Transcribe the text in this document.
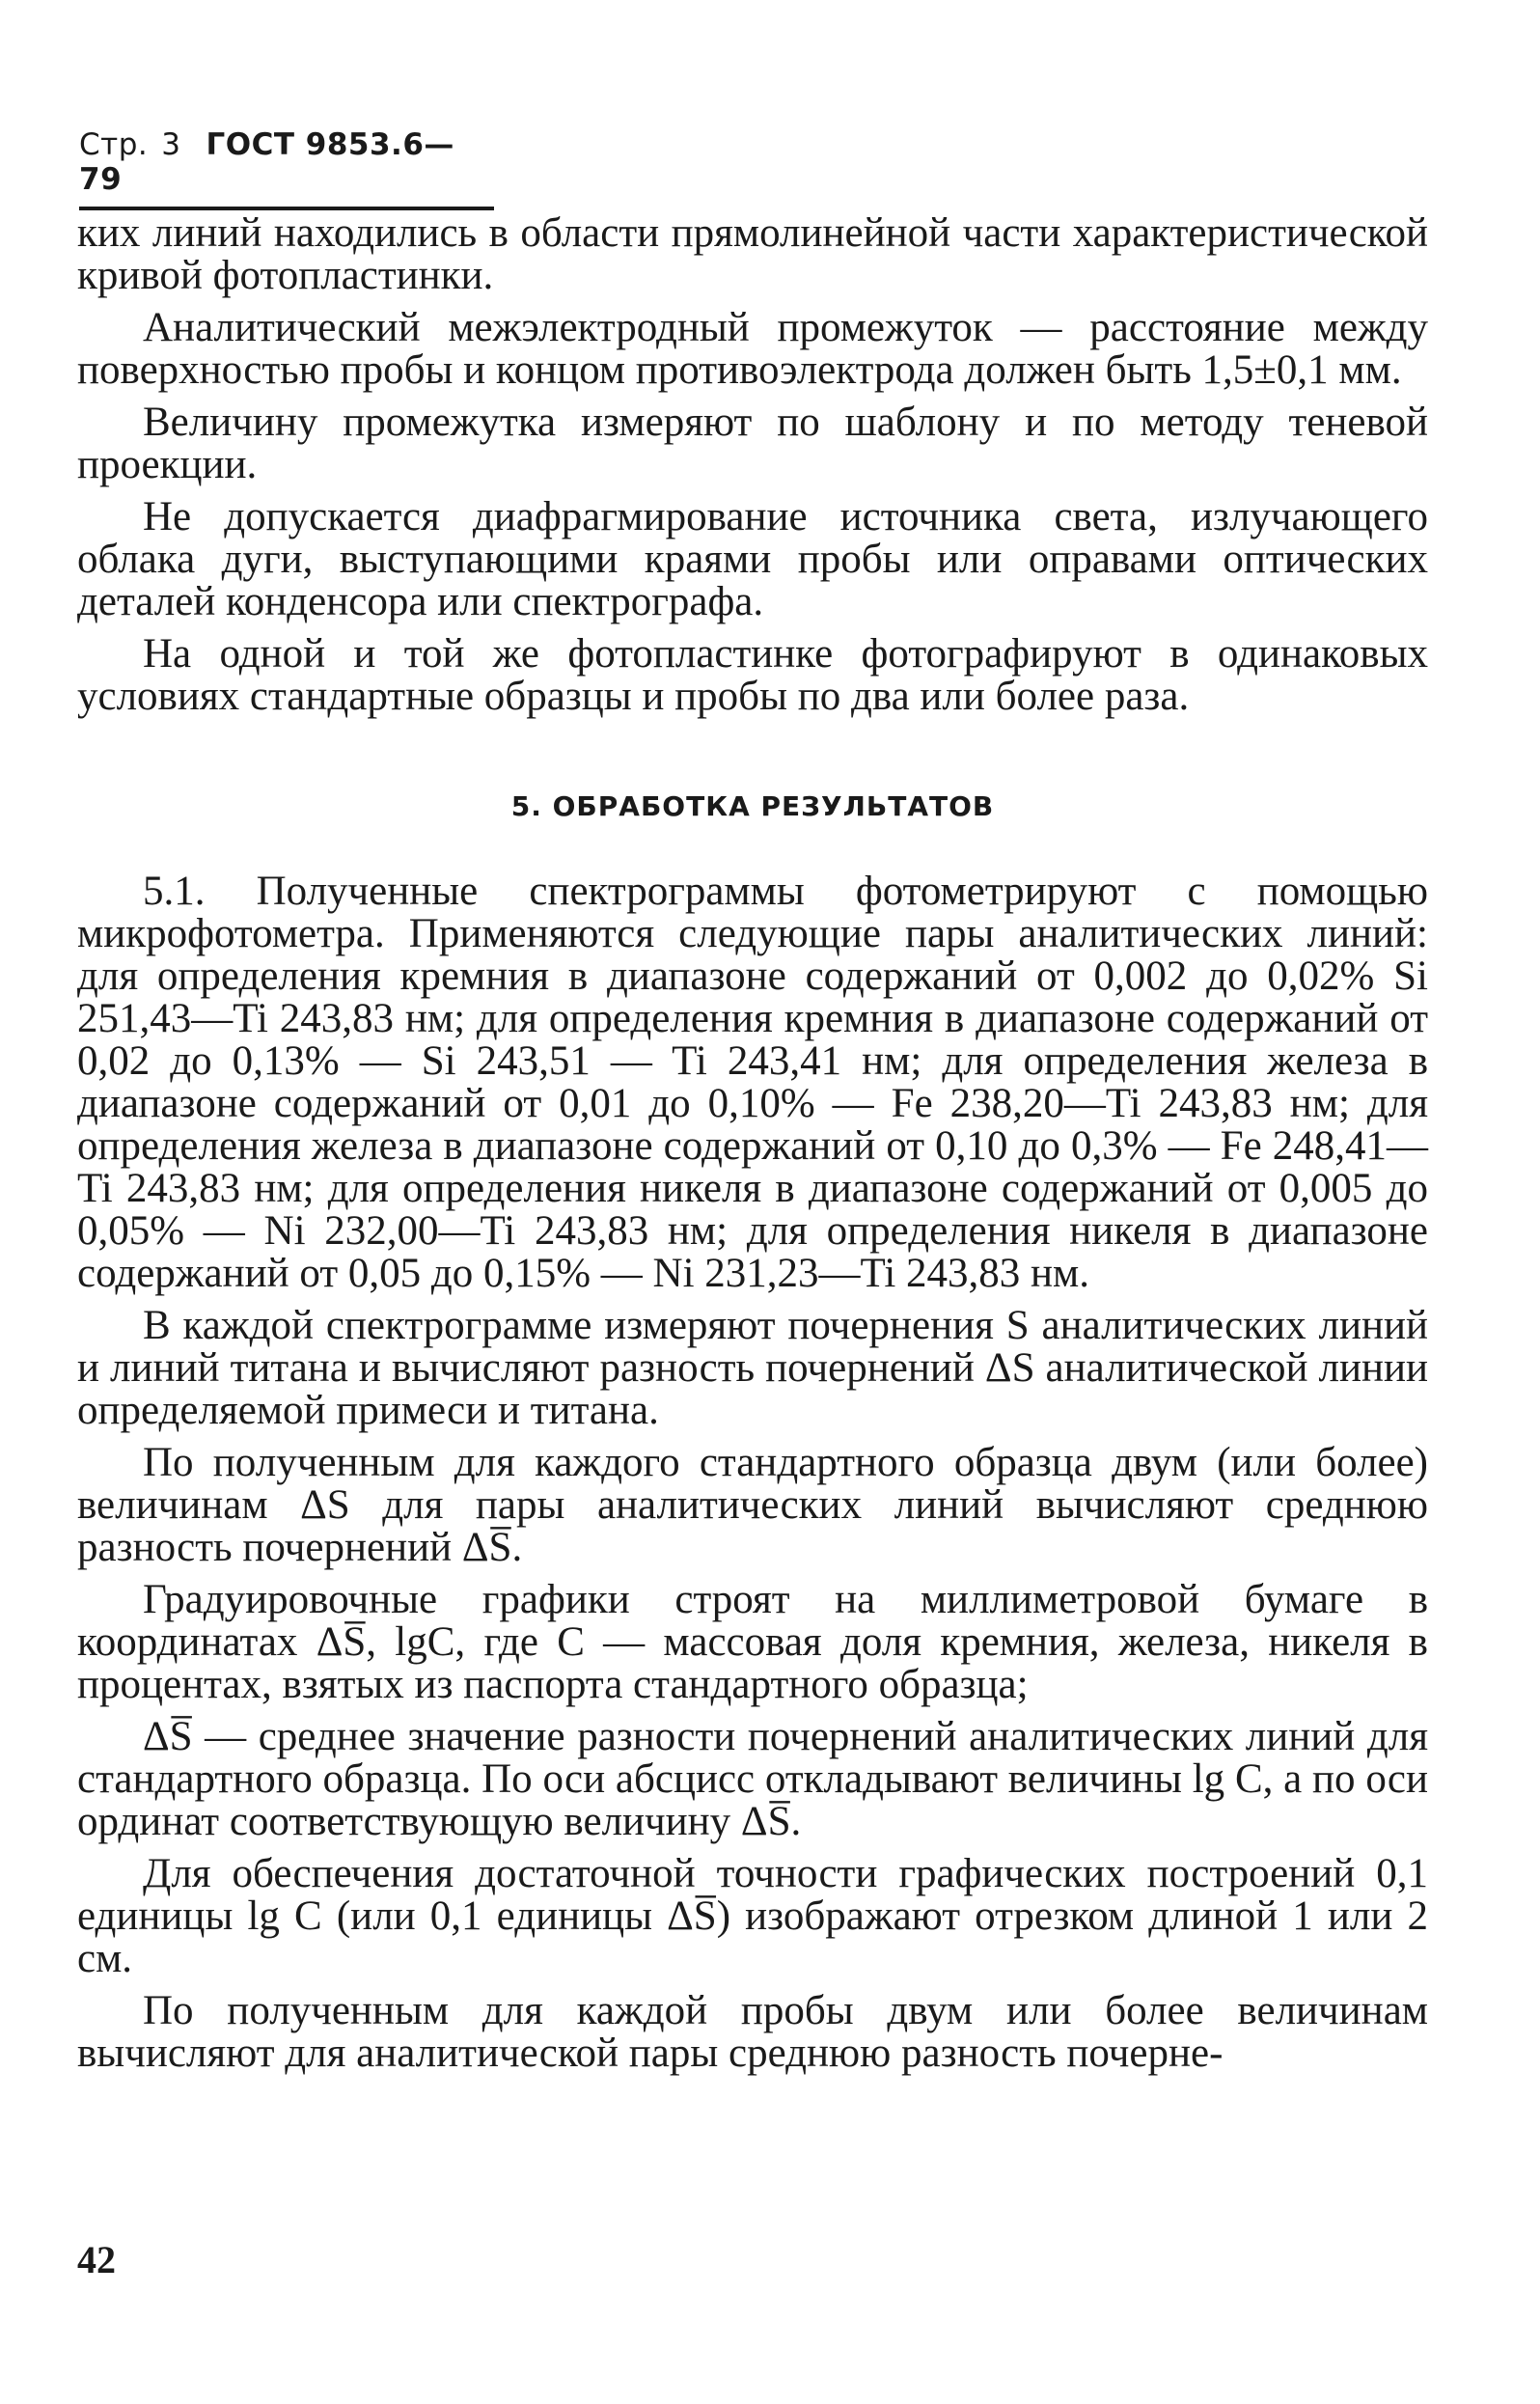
Стр. 3 ГОСТ 9853.6—79

ких линий находились в области прямолинейной части характеристической кривой фотопластинки.

Аналитический межэлектродный промежуток — расстояние между поверхностью пробы и концом противоэлектрода должен быть 1,5±0,1 мм.

Величину промежутка измеряют по шаблону и по методу теневой проекции.

Не допускается диафрагмирование источника света, излучающего облака дуги, выступающими краями пробы или оправами оптических деталей конденсора или спектрографа.

На одной и той же фотопластинке фотографируют в одинаковых условиях стандартные образцы и пробы по два или более раза.

5. ОБРАБОТКА РЕЗУЛЬТАТОВ

5.1. Полученные спектрограммы фотометрируют с помощью микрофотометра. Применяются следующие пары аналитических линий: для определения кремния в диапазоне содержаний от 0,002 до 0,02% Si 251,43—Ti 243,83 нм; для определения кремния в диапазоне содержаний от 0,02 до 0,13% — Si 243,51 — Ti 243,41 нм; для определения железа в диапазоне содержаний от 0,01 до 0,10% — Fe 238,20—Ti 243,83 нм; для определения железа в диапазоне содержаний от 0,10 до 0,3% — Fe 248,41—Ti 243,83 нм; для определения никеля в диапазоне содержаний от 0,005 до 0,05% — Ni 232,00—Ti 243,83 нм; для определения никеля в диапазоне содержаний от 0,05 до 0,15% — Ni 231,23—Ti 243,83 нм.

В каждой спектрограмме измеряют почернения S аналитических линий и линий титана и вычисляют разность почернений ΔS аналитической линии определяемой примеси и титана.

По полученным для каждого стандартного образца двум (или более) величинам ΔS для пары аналитических линий вычисляют среднюю разность почернений ΔS̅.

Градуировочные графики строят на миллиметровой бумаге в координатах ΔS̅, lgC, где C — массовая доля кремния, железа, никеля в процентах, взятых из паспорта стандартного образца;

ΔS̅ — среднее значение разности почернений аналитических линий для стандартного образца. По оси абсцисс откладывают величины lg C, а по оси ординат соответствующую величину ΔS̅.

Для обеспечения достаточной точности графических построений 0,1 единицы lg C (или 0,1 единицы ΔS̅) изображают отрезком длиной 1 или 2 см.

По полученным для каждой пробы двум или более величинам вычисляют для аналитической пары среднюю разность почерне-

42
